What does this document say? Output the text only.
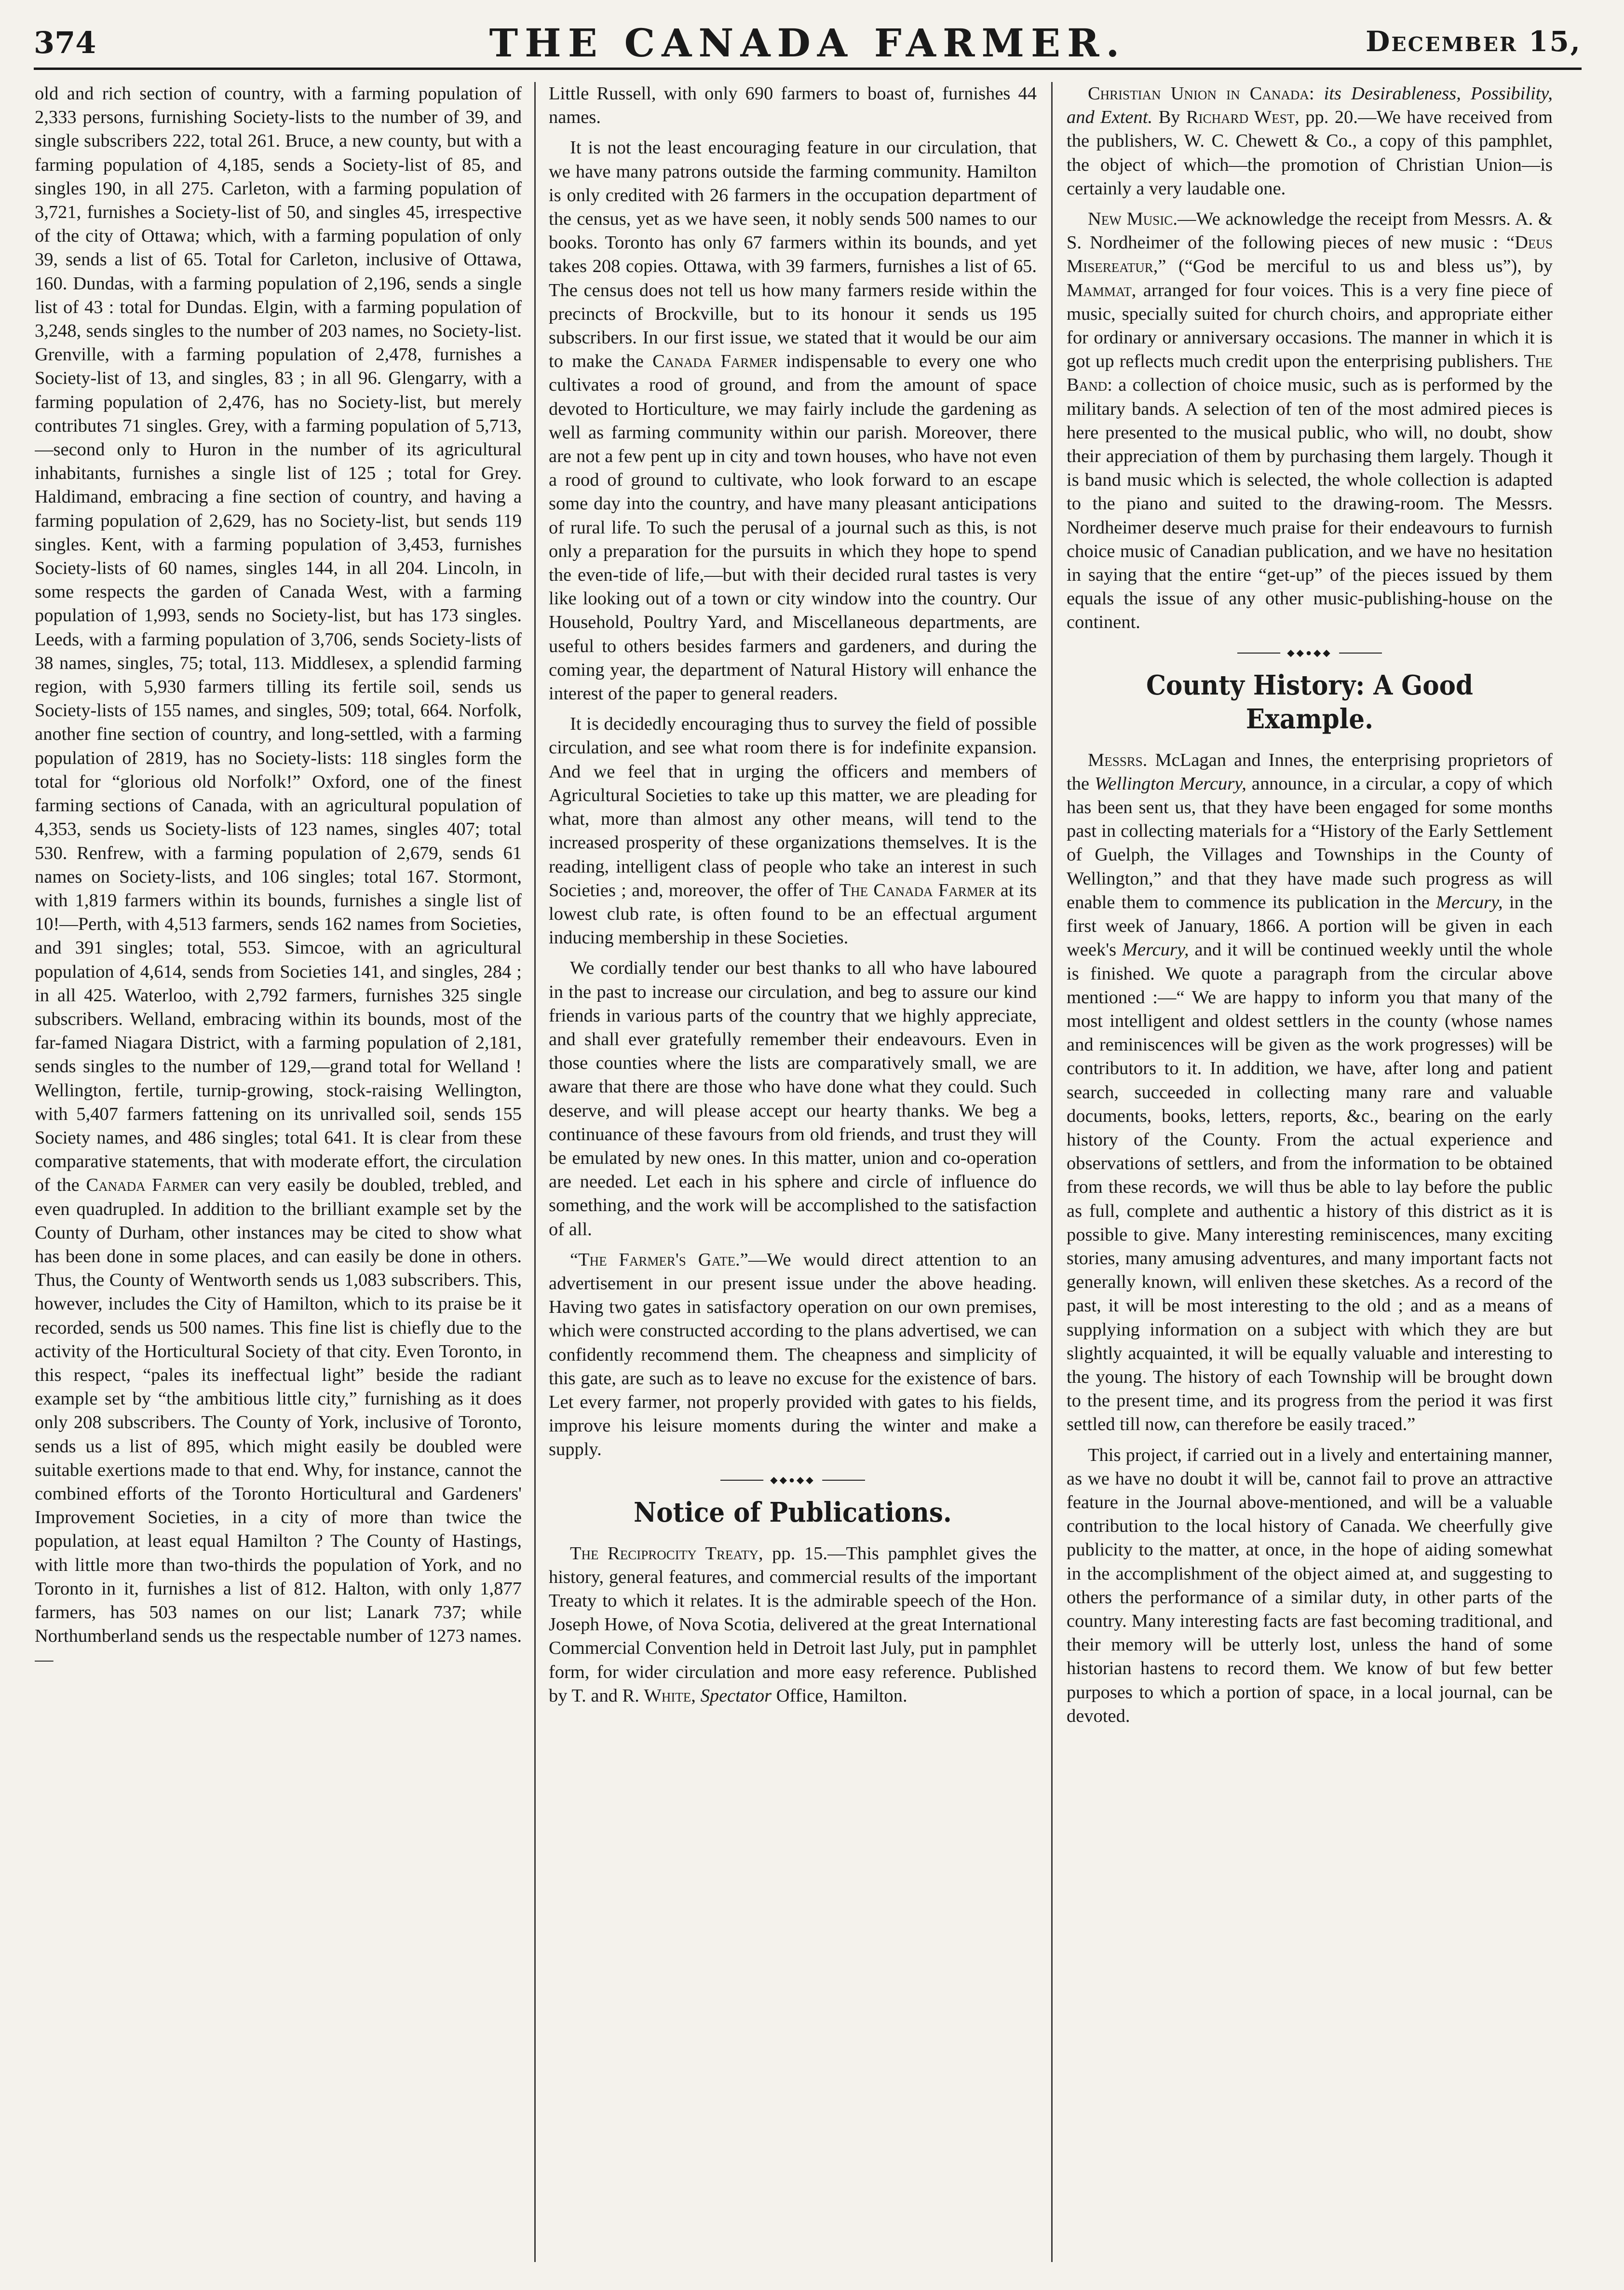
374	THE CANADA FARMER.	December 15,

old and rich section of country, with a farming population of 2,333 persons, furnishing Society-lists to the number of 39, and single subscribers 222, total 261. Bruce, a new county, but with a farming population of 4,185, sends a Society-list of 85, and singles 190, in all 275. Carleton, with a farming population of 3,721, furnishes a Society-list of 50, and singles 45, irrespective of the city of Ottawa; which, with a farming population of only 39, sends a list of 65. Total for Carleton, inclusive of Ottawa, 160. Dundas, with a farming population of 2,196, sends a single list of 43 : total for Dundas. Elgin, with a farming population of 3,248, sends singles to the number of 203 names, no Society-list. Grenville, with a farming population of 2,478, furnishes a Society-list of 13, and singles, 83 ; in all 96. Glengarry, with a farming population of 2,476, has no Society-list, but merely contributes 71 singles. Grey, with a farming population of 5,713,—second only to Huron in the number of its agricultural inhabitants, furnishes a single list of 125 ; total for Grey. Haldimand, embracing a fine section of country, and having a farming population of 2,629, has no Society-list, but sends 119 singles. Kent, with a farming population of 3,453, furnishes Society-lists of 60 names, singles 144, in all 204. Lincoln, in some respects the garden of Canada West, with a farming population of 1,993, sends no Society-list, but has 173 singles. Leeds, with a farming population of 3,706, sends Society-lists of 38 names, singles, 75; total, 113. Middlesex, a splendid farming region, with 5,930 farmers tilling its fertile soil, sends us Society-lists of 155 names, and singles, 509; total, 664. Norfolk, another fine section of country, and long-settled, with a farming population of 2819, has no Society-lists: 118 singles form the total for “glorious old Norfolk!” Oxford, one of the finest farming sections of Canada, with an agricultural population of 4,353, sends us Society-lists of 123 names, singles 407; total 530. Renfrew, with a farming population of 2,679, sends 61 names on Society-lists, and 106 singles; total 167. Stormont, with 1,819 farmers within its bounds, furnishes a single list of 10!—Perth, with 4,513 farmers, sends 162 names from Societies, and 391 singles; total, 553. Simcoe, with an agricultural population of 4,614, sends from Societies 141, and singles, 284 ; in all 425. Waterloo, with 2,792 farmers, furnishes 325 single subscribers. Welland, embracing within its bounds, most of the far-famed Niagara District, with a farming population of 2,181, sends singles to the number of 129,—grand total for Welland ! Wellington, fertile, turnip-growing, stock-raising Wellington, with 5,407 farmers fattening on its unrivalled soil, sends 155 Society names, and 486 singles; total 641. It is clear from these comparative statements, that with moderate effort, the circulation of the Canada Farmer can very easily be doubled, trebled, and even quadrupled. In addition to the brilliant example set by the County of Durham, other instances may be cited to show what has been done in some places, and can easily be done in others. Thus, the County of Wentworth sends us 1,083 subscribers. This, however, includes the City of Hamilton, which to its praise be it recorded, sends us 500 names. This fine list is chiefly due to the activity of the Horticultural Society of that city. Even Toronto, in this respect, “pales its ineffectual light” beside the radiant example set by “the ambitious little city,” furnishing as it does only 208 subscribers. The County of York, inclusive of Toronto, sends us a list of 895, which might easily be doubled were suitable exertions made to that end. Why, for instance, cannot the combined efforts of the Toronto Horticultural and Gardeners' Improvement Societies, in a city of more than twice the population, at least equal Hamilton ? The County of Hastings, with little more than two-thirds the population of York, and no Toronto in it, furnishes a list of 812. Halton, with only 1,877 farmers, has 503 names on our list; Lanark 737; while Northumberland sends us the respectable number of 1273 names.—

Little Russell, with only 690 farmers to boast of, furnishes 44 names.

It is not the least encouraging feature in our circulation, that we have many patrons outside the farming community. Hamilton is only credited with 26 farmers in the occupation department of the census, yet as we have seen, it nobly sends 500 names to our books. Toronto has only 67 farmers within its bounds, and yet takes 208 copies. Ottawa, with 39 farmers, furnishes a list of 65. The census does not tell us how many farmers reside within the precincts of Brockville, but to its honour it sends us 195 subscribers. In our first issue, we stated that it would be our aim to make the Canada Farmer indispensable to every one who cultivates a rood of ground, and from the amount of space devoted to Horticulture, we may fairly include the gardening as well as farming community within our parish. Moreover, there are not a few pent up in city and town houses, who have not even a rood of ground to cultivate, who look forward to an escape some day into the country, and have many pleasant anticipations of rural life. To such the perusal of a journal such as this, is not only a preparation for the pursuits in which they hope to spend the even-tide of life,—but with their decided rural tastes is very like looking out of a town or city window into the country. Our Household, Poultry Yard, and Miscellaneous departments, are useful to others besides farmers and gardeners, and during the coming year, the department of Natural History will enhance the interest of the paper to general readers.

It is decidedly encouraging thus to survey the field of possible circulation, and see what room there is for indefinite expansion. And we feel that in urging the officers and members of Agricultural Societies to take up this matter, we are pleading for what, more than almost any other means, will tend to the increased prosperity of these organizations themselves. It is the reading, intelligent class of people who take an interest in such Societies ; and, moreover, the offer of The Canada Farmer at its lowest club rate, is often found to be an effectual argument inducing membership in these Societies.

We cordially tender our best thanks to all who have laboured in the past to increase our circulation, and beg to assure our kind friends in various parts of the country that we highly appreciate, and shall ever gratefully remember their endeavours. Even in those counties where the lists are comparatively small, we are aware that there are those who have done what they could. Such deserve, and will please accept our hearty thanks. We beg a continuance of these favours from old friends, and trust they will be emulated by new ones. In this matter, union and co-operation are needed. Let each in his sphere and circle of influence do something, and the work will be accomplished to the satisfaction of all.

“The Farmer's Gate.”—We would direct attention to an advertisement in our present issue under the above heading. Having two gates in satisfactory operation on our own premises, which were constructed according to the plans advertised, we can confidently recommend them. The cheapness and simplicity of this gate, are such as to leave no excuse for the existence of bars. Let every farmer, not properly provided with gates to his fields, improve his leisure moments during the winter and make a supply.

◆◆●◆◆
Notice of Publications.

The Reciprocity Treaty, pp. 15.—This pamphlet gives the history, general features, and commercial results of the important Treaty to which it relates. It is the admirable speech of the Hon. Joseph Howe, of Nova Scotia, delivered at the great International Commercial Convention held in Detroit last July, put in pamphlet form, for wider circulation and more easy reference. Published by T. and R. White, Spectator Office, Hamilton.

Christian Union in Canada: its Desirableness, Possibility, and Extent. By Richard West, pp. 20.—We have received from the publishers, W. C. Chewett & Co., a copy of this pamphlet, the object of which—the promotion of Christian Union—is certainly a very laudable one.

New Music.—We acknowledge the receipt from Messrs. A. & S. Nordheimer of the following pieces of new music : “Deus Misereatur,” (“God be merciful to us and bless us”), by Mammat, arranged for four voices. This is a very fine piece of music, specially suited for church choirs, and appropriate either for ordinary or anniversary occasions. The manner in which it is got up reflects much credit upon the enterprising publishers. The Band: a collection of choice music, such as is performed by the military bands. A selection of ten of the most admired pieces is here presented to the musical public, who will, no doubt, show their appreciation of them by purchasing them largely. Though it is band music which is selected, the whole collection is adapted to the piano and suited to the drawing-room. The Messrs. Nordheimer deserve much praise for their endeavours to furnish choice music of Canadian publication, and we have no hesitation in saying that the entire “get-up” of the pieces issued by them equals the issue of any other music-publishing-house on the continent.

◆◆●◆◆
County History: A Good Example.

Messrs. McLagan and Innes, the enterprising proprietors of the Wellington Mercury, announce, in a circular, a copy of which has been sent us, that they have been engaged for some months past in collecting materials for a “History of the Early Settlement of Guelph, the Villages and Townships in the County of Wellington,” and that they have made such progress as will enable them to commence its publication in the Mercury, in the first week of January, 1866. A portion will be given in each week's Mercury, and it will be continued weekly until the whole is finished. We quote a paragraph from the circular above mentioned :—“ We are happy to inform you that many of the most intelligent and oldest settlers in the county (whose names and reminiscences will be given as the work progresses) will be contributors to it. In addition, we have, after long and patient search, succeeded in collecting many rare and valuable documents, books, letters, reports, &c., bearing on the early history of the County. From the actual experience and observations of settlers, and from the information to be obtained from these records, we will thus be able to lay before the public as full, complete and authentic a history of this district as it is possible to give. Many interesting reminiscences, many exciting stories, many amusing adventures, and many important facts not generally known, will enliven these sketches. As a record of the past, it will be most interesting to the old ; and as a means of supplying information on a subject with which they are but slightly acquainted, it will be equally valuable and interesting to the young. The history of each Township will be brought down to the present time, and its progress from the period it was first settled till now, can therefore be easily traced.”

This project, if carried out in a lively and entertaining manner, as we have no doubt it will be, cannot fail to prove an attractive feature in the Journal above-mentioned, and will be a valuable contribution to the local history of Canada. We cheerfully give publicity to the matter, at once, in the hope of aiding somewhat in the accomplishment of the object aimed at, and suggesting to others the performance of a similar duty, in other parts of the country. Many interesting facts are fast becoming traditional, and their memory will be utterly lost, unless the hand of some historian hastens to record them. We know of but few better purposes to which a portion of space, in a local journal, can be devoted.
